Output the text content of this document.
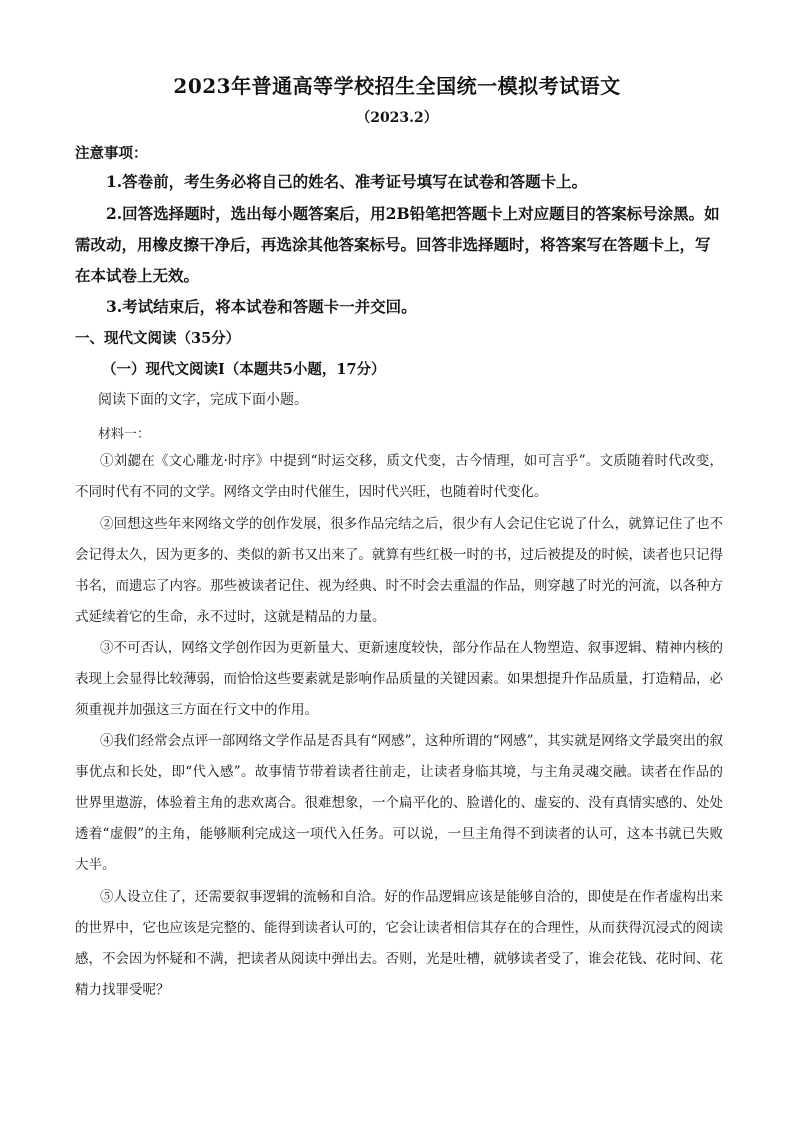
2023年普通高等学校招生全国统一模拟考试语文
（2023.2）
注意事项：

1.答卷前，考生务必将自己的姓名、准考证号填写在试卷和答题卡上。

2.回答选择题时，选出每小题答案后，用2B铅笔把答题卡上对应题目的答案标号涂黑。如需改动，用橡皮擦干净后，再选涂其他答案标号。回答非选择题时，将答案写在答题卡上，写在本试卷上无效。

3.考试结束后，将本试卷和答题卡一并交回。

一、现代文阅读（35分）
（一）现代文阅读Ⅰ（本题共5小题，17分）
阅读下面的文字，完成下面小题。
材料一：

①刘勰在《文心雕龙·时序》中提到“时运交移，质文代变，古今情理，如可言乎”。文质随着时代改变，不同时代有不同的文学。网络文学由时代催生，因时代兴旺，也随着时代变化。

②回想这些年来网络文学的创作发展，很多作品完结之后，很少有人会记住它说了什么，就算记住了也不会记得太久，因为更多的、类似的新书又出来了。就算有些红极一时的书，过后被提及的时候，读者也只记得书名，而遗忘了内容。那些被读者记住、视为经典、时不时会去重温的作品，则穿越了时光的河流，以各种方式延续着它的生命，永不过时，这就是精品的力量。

③不可否认，网络文学创作因为更新量大、更新速度较快，部分作品在人物塑造、叙事逻辑、精神内核的表现上会显得比较薄弱，而恰恰这些要素就是影响作品质量的关键因素。如果想提升作品质量，打造精品，必须重视并加强这三方面在行文中的作用。

④我们经常会点评一部网络文学作品是否具有“网感”，这种所谓的“网感”，其实就是网络文学最突出的叙事优点和长处，即“代入感”。故事情节带着读者往前走，让读者身临其境，与主角灵魂交融。读者在作品的世界里遨游，体验着主角的悲欢离合。很难想象，一个扁平化的、脸谱化的、虚妄的、没有真情实感的、处处透着“虚假”的主角，能够顺利完成这一项代入任务。可以说，一旦主角得不到读者的认可，这本书就已失败大半。

⑤人设立住了，还需要叙事逻辑的流畅和自洽。好的作品逻辑应该是能够自洽的，即使是在作者虚构出来的世界中，它也应该是完整的、能得到读者认可的，它会让读者相信其存在的合理性，从而获得沉浸式的阅读感，不会因为怀疑和不满，把读者从阅读中弹出去。否则，光是吐槽，就够读者受了，谁会花钱、花时间、花精力找罪受呢？
